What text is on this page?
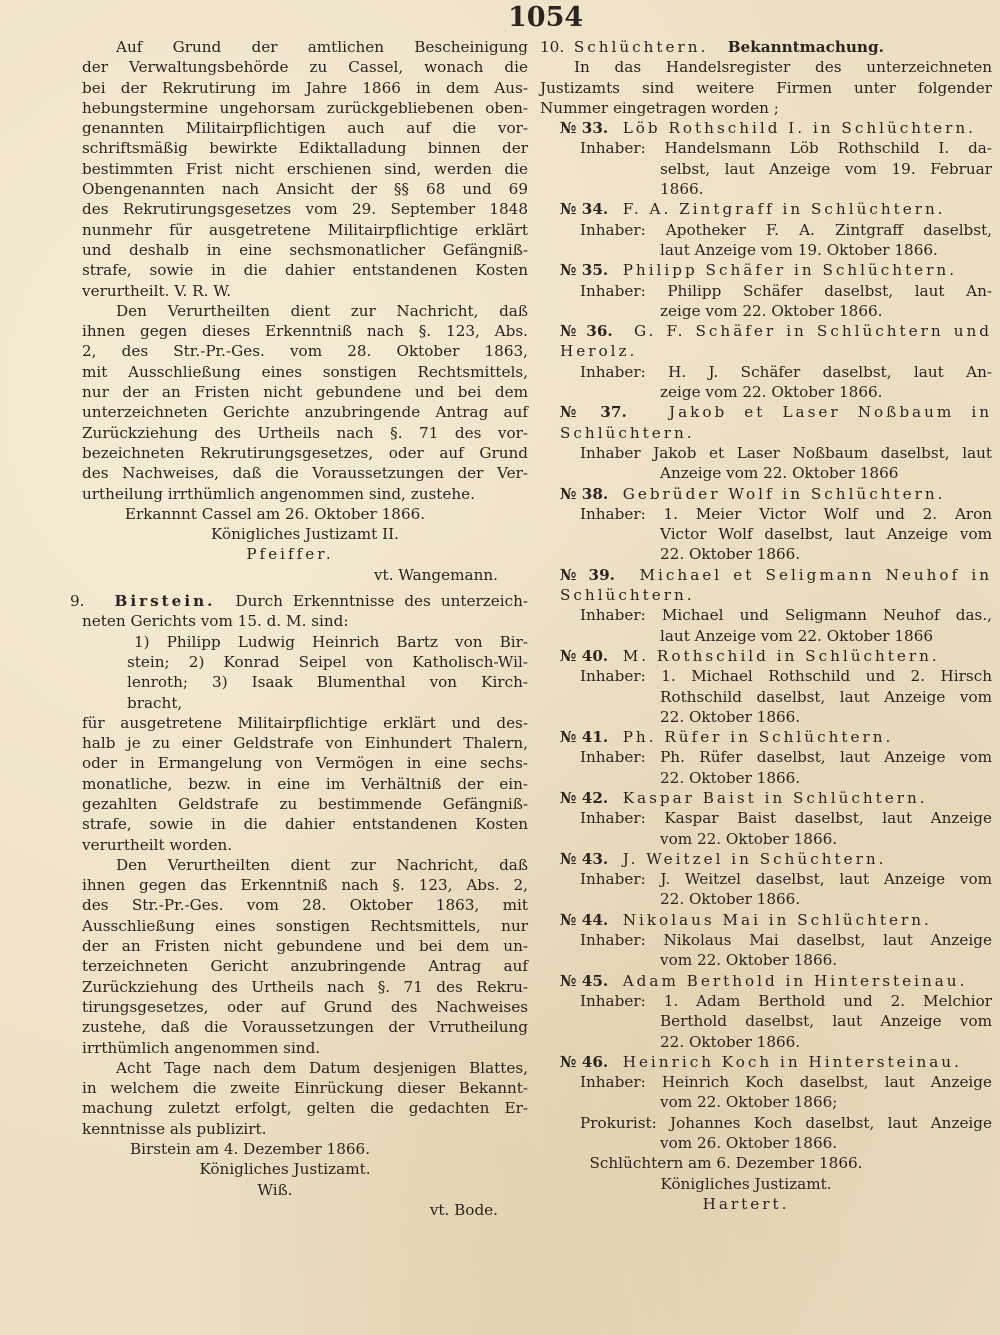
1054
Auf Grund der amtlichen Bescheinigung
der Verwaltungsbehörde zu Cassel, wonach die
bei der Rekrutirung im Jahre 1866 in dem Aus-
hebungstermine ungehorsam zurückgebliebenen oben-
genannten Militairpflichtigen auch auf die vor-
schriftsmäßig bewirkte Ediktalladung binnen der
bestimmten Frist nicht erschienen sind, werden die
Obengenannten nach Ansicht der §§ 68 und 69
des Rekrutirungsgesetzes vom 29. September 1848
nunmehr für ausgetretene Militairpflichtige erklärt
und deshalb in eine sechsmonatlicher Gefängniß-
strafe, sowie in die dahier entstandenen Kosten
verurtheilt. V. R. W.
Den Verurtheilten dient zur Nachricht, daß
ihnen gegen dieses Erkenntniß nach §. 123, Abs.
2, des Str.-Pr.-Ges. vom 28. Oktober 1863,
mit Ausschließung eines sonstigen Rechtsmittels,
nur der an Fristen nicht gebundene und bei dem
unterzeichneten Gerichte anzubringende Antrag auf
Zurückziehung des Urtheils nach §. 71 des vor-
bezeichneten Rekrutirungsgesetzes, oder auf Grund
des Nachweises, daß die Voraussetzungen der Ver-
urtheilung irrthümlich angenommen sind, zustehe.
Erkannnt Cassel am 26. Oktober 1866.
Königliches Justizamt II.
Pfeiffer.
vt. Wangemann.
9. Birstein. Durch Erkenntnisse des unterzeich-
neten Gerichts vom 15. d. M. sind:
1) Philipp Ludwig Heinrich Bartz von Bir-
stein; 2) Konrad Seipel von Katholisch-Wil-
lenroth; 3) Isaak Blumenthal von Kirch-
bracht,
für ausgetretene Militairpflichtige erklärt und des-
halb je zu einer Geldstrafe von Einhundert Thalern,
oder in Ermangelung von Vermögen in eine sechs-
monatliche, bezw. in eine im Verhältniß der ein-
gezahlten Geldstrafe zu bestimmende Gefängniß-
strafe, sowie in die dahier entstandenen Kosten
verurtheilt worden.
Den Verurtheilten dient zur Nachricht, daß
ihnen gegen das Erkenntniß nach §. 123, Abs. 2,
des Str.-Pr.-Ges. vom 28. Oktober 1863, mit
Ausschließung eines sonstigen Rechtsmittels, nur
der an Fristen nicht gebundene und bei dem un-
terzeichneten Gericht anzubringende Antrag auf
Zurückziehung des Urtheils nach §. 71 des Rekru-
tirungsgesetzes, oder auf Grund des Nachweises
zustehe, daß die Voraussetzungen der Vrrutheilung
irrthümlich angenommen sind.
Acht Tage nach dem Datum desjenigen Blattes,
in welchem die zweite Einrückung dieser Bekannt-
machung zuletzt erfolgt, gelten die gedachten Er-
kenntnisse als publizirt.
Birstein am 4. Dezember 1866.
Königliches Justizamt.
Wiß.
vt. Bode.
10. Schlüchtern. Bekanntmachung.
In das Handelsregister des unterzeichneten
Justizamts sind weitere Firmen unter folgender
Nummer eingetragen worden ;
№ 33. Löb Rothschild I. in Schlüchtern.
Inhaber: Handelsmann Löb Rothschild I. da-
selbst, laut Anzeige vom 19. Februar
1866.
№ 34. F. A. Zintgraff in Schlüchtern.
Inhaber: Apotheker F. A. Zintgraff daselbst,
laut Anzeige vom 19. Oktober 1866.
№ 35. Philipp Schäfer in Schlüchtern.
Inhaber: Philipp Schäfer daselbst, laut An-
zeige vom 22. Oktober 1866.
№ 36. G. F. Schäfer in Schlüchtern und Herolz.
Inhaber: H. J. Schäfer daselbst, laut An-
zeige vom 22. Oktober 1866.
№ 37.	Jakob et Laser Noßbaum in Schlüchtern.
Inhaber Jakob et Laser Noßbaum daselbst, laut
Anzeige vom 22. Oktober 1866
№ 38. Gebrüder Wolf in Schlüchtern.
Inhaber: 1. Meier Victor Wolf und 2. Aron
Victor Wolf daselbst, laut Anzeige vom
22. Oktober 1866.
№ 39. Michael et Seligmann Neuhof in Schlüchtern.
Inhaber: Michael und Seligmann Neuhof das.,
laut Anzeige vom 22. Oktober 1866
№ 40. M. Rothschild in Schlüchtern.
Inhaber: 1. Michael Rothschild und 2. Hirsch
Rothschild daselbst, laut Anzeige vom
22. Oktober 1866.
№ 41. Ph. Rüfer in Schlüchtern.
Inhaber: Ph. Rüfer daselbst, laut Anzeige vom
22. Oktober 1866.
№ 42. Kaspar Baist in Schlüchtern.
Inhaber: Kaspar Baist daselbst, laut Anzeige
vom 22. Oktober 1866.
№ 43. J. Weitzel in Schüchtern.
Inhaber: J. Weitzel daselbst, laut Anzeige vom
22. Oktober 1866.
№ 44. Nikolaus Mai in Schlüchtern.
Inhaber: Nikolaus Mai daselbst, laut Anzeige
vom 22. Oktober 1866.
№ 45. Adam Berthold in Hintersteinau.
Inhaber: 1. Adam Berthold und 2. Melchior
Berthold daselbst, laut Anzeige vom
22. Oktober 1866.
№ 46. Heinrich Koch in Hintersteinau.
Inhaber: Heinrich Koch daselbst, laut Anzeige
vom 22. Oktober 1866;
Prokurist: Johannes Koch daselbst, laut Anzeige
vom 26. Oktober 1866.
Schlüchtern am 6. Dezember 1866.
Königliches Justizamt.
Hartert.
